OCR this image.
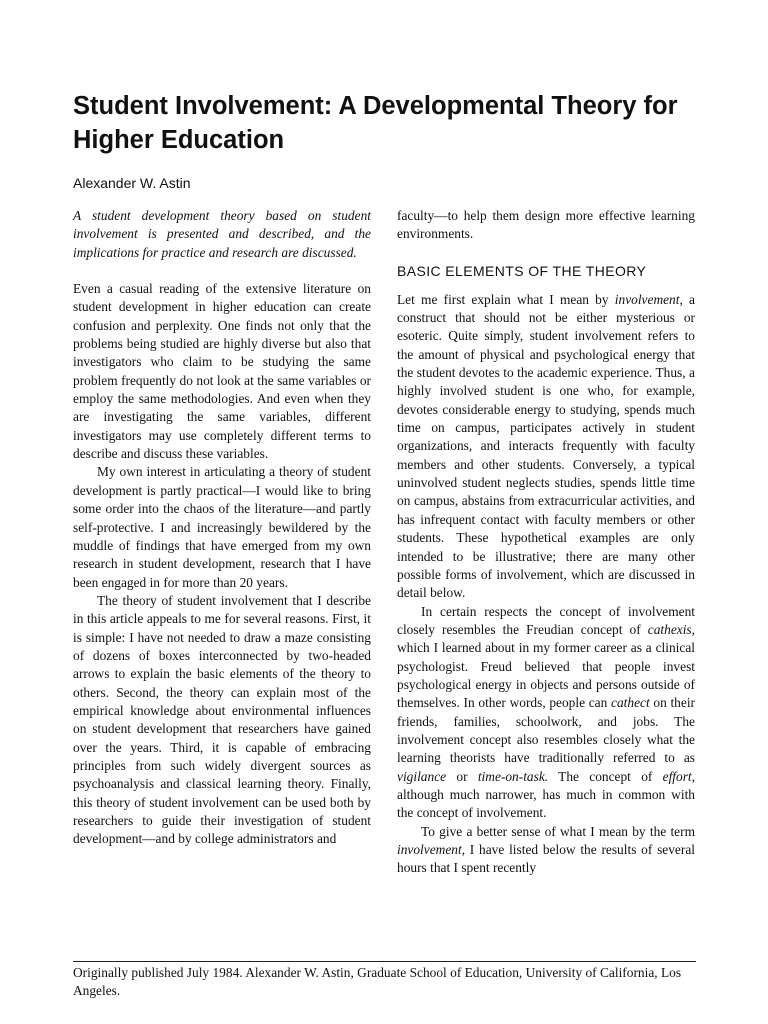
Student Involvement: A Developmental Theory for Higher Education

Alexander W. Astin

A student development theory based on student involvement is presented and described, and the implications for practice and research are discussed.

Even a casual reading of the extensive literature on student development in higher education can create confusion and perplexity. One finds not only that the problems being studied are highly diverse but also that investigators who claim to be studying the same problem frequently do not look at the same variables or employ the same methodologies. And even when they are investigating the same variables, different investigators may use completely different terms to describe and discuss these variables.

My own interest in articulating a theory of student development is partly practical—I would like to bring some order into the chaos of the literature—and partly self-protective. I and increasingly bewildered by the muddle of findings that have emerged from my own research in student development, research that I have been engaged in for more than 20 years.

The theory of student involvement that I describe in this article appeals to me for several reasons. First, it is simple: I have not needed to draw a maze consisting of dozens of boxes interconnected by two-headed arrows to explain the basic elements of the theory to others. Second, the theory can explain most of the empirical knowledge about environmental influences on student development that researchers have gained over the years. Third, it is capable of embracing principles from such widely divergent sources as psychoanalysis and classical learning theory. Finally, this theory of student involvement can be used both by researchers to guide their investigation of student development—and by college administrators and

faculty—to help them design more effective learning environments.

BASIC ELEMENTS OF THE THEORY

Let me first explain what I mean by involvement, a construct that should not be either mysterious or esoteric. Quite simply, student involvement refers to the amount of physical and psychological energy that the student devotes to the academic experience. Thus, a highly involved student is one who, for example, devotes considerable energy to studying, spends much time on campus, participates actively in student organizations, and interacts frequently with faculty members and other students. Conversely, a typical uninvolved student neglects studies, spends little time on campus, abstains from extracurricular activities, and has infrequent contact with faculty members or other students. These hypothetical examples are only intended to be illustrative; there are many other possible forms of involvement, which are discussed in detail below.

In certain respects the concept of involvement closely resembles the Freudian concept of cathexis, which I learned about in my former career as a clinical psychologist. Freud believed that people invest psychological energy in objects and persons outside of themselves. In other words, people can cathect on their friends, families, schoolwork, and jobs. The involvement concept also resembles closely what the learning theorists have traditionally referred to as vigilance or time-on-task. The concept of effort, although much narrower, has much in common with the concept of involvement.

To give a better sense of what I mean by the term involvement, I have listed below the results of several hours that I spent recently

Originally published July 1984. Alexander W. Astin, Graduate School of Education, University of California, Los Angeles.
